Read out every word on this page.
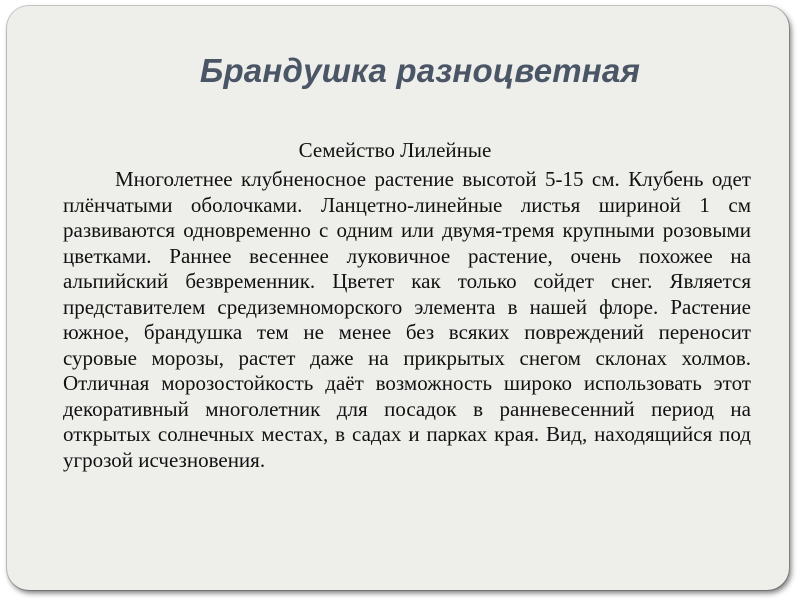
Брандушка разноцветная

Семейство Лилейные

Многолетнее клубненосное растение высотой 5-15 см. Клубень одет плёнчатыми оболочками. Ланцетно-линейные листья шириной 1 см развиваются одновременно с одним или двумя-тремя крупными розовыми цветками. Раннее весеннее луковичное растение, очень похожее на альпийский безвременник. Цветет как только сойдет снег. Является представителем средиземноморского элемента в нашей флоре. Растение южное, брандушка тем не менее без всяких повреждений переносит суровые морозы, растет даже на прикрытых снегом склонах холмов. Отличная морозостойкость даёт возможность широко использовать этот декоративный многолетник для посадок в ранневесенний период на открытых солнечных местах, в садах и парках края. Вид, находящийся под угрозой исчезновения.
